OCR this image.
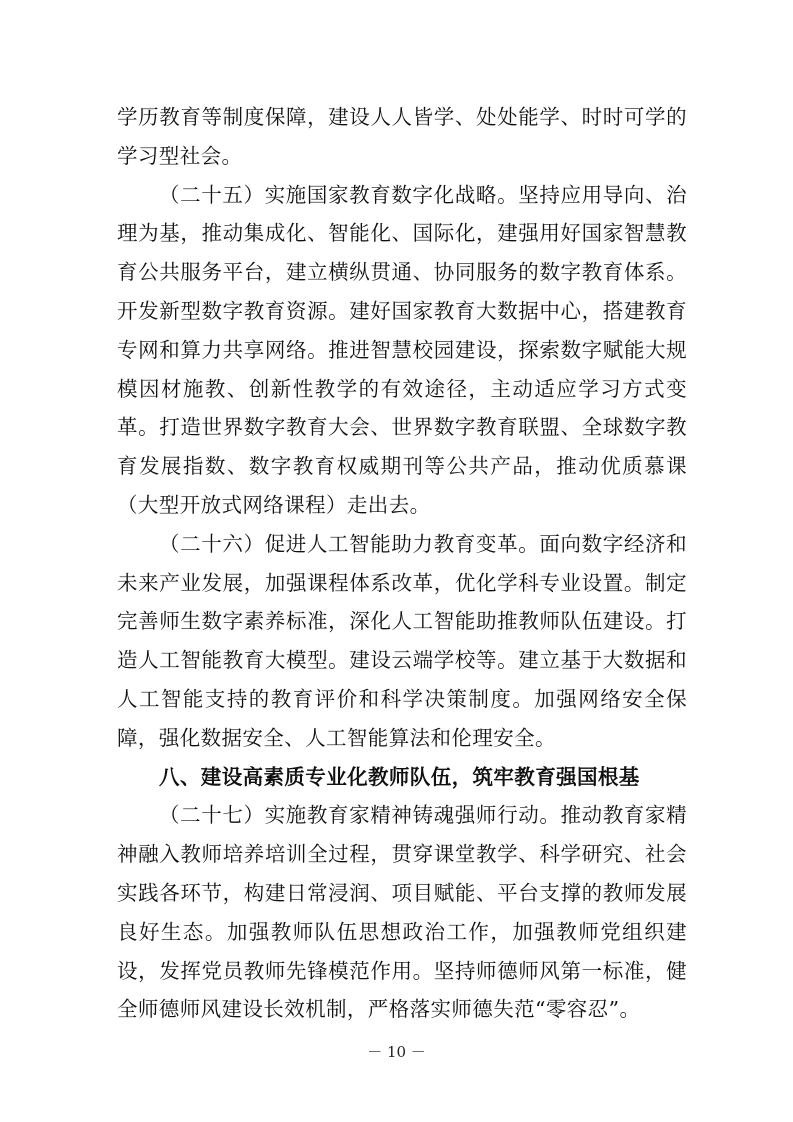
学历教育等制度保障，建设人人皆学、处处能学、时时可学的学习型社会。

（二十五）实施国家教育数字化战略。坚持应用导向、治理为基，推动集成化、智能化、国际化，建强用好国家智慧教育公共服务平台，建立横纵贯通、协同服务的数字教育体系。开发新型数字教育资源。建好国家教育大数据中心，搭建教育专网和算力共享网络。推进智慧校园建设，探索数字赋能大规模因材施教、创新性教学的有效途径，主动适应学习方式变革。打造世界数字教育大会、世界数字教育联盟、全球数字教育发展指数、数字教育权威期刊等公共产品，推动优质慕课（大型开放式网络课程）走出去。

（二十六）促进人工智能助力教育变革。面向数字经济和未来产业发展，加强课程体系改革，优化学科专业设置。制定完善师生数字素养标准，深化人工智能助推教师队伍建设。打造人工智能教育大模型。建设云端学校等。建立基于大数据和人工智能支持的教育评价和科学决策制度。加强网络安全保障，强化数据安全、人工智能算法和伦理安全。

八、建设高素质专业化教师队伍，筑牢教育强国根基

（二十七）实施教育家精神铸魂强师行动。推动教育家精神融入教师培养培训全过程，贯穿课堂教学、科学研究、社会实践各环节，构建日常浸润、项目赋能、平台支撑的教师发展良好生态。加强教师队伍思想政治工作，加强教师党组织建设，发挥党员教师先锋模范作用。坚持师德师风第一标准，健全师德师风建设长效机制，严格落实师德失范“零容忍”。

－ 10 －
